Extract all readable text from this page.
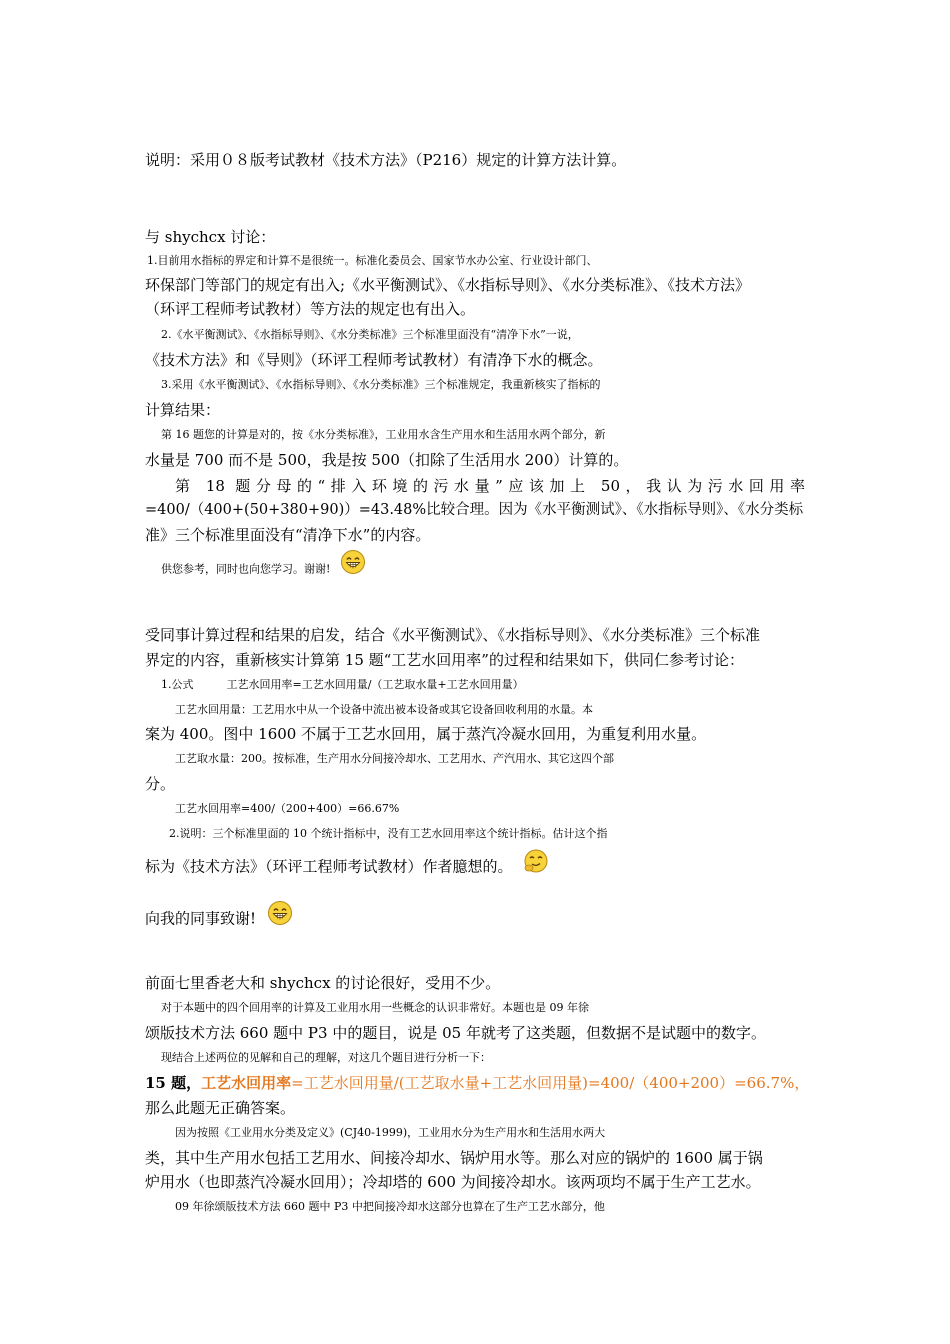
说明：采用０８版考试教材《技术方法》（P216）规定的计算方法计算。
与 shychcx 讨论：
1.目前用水指标的界定和计算不是很统一。标准化委员会、国家节水办公室、行业设计部门、
环保部门等部门的规定有出入;《水平衡测试》、《水指标导则》、《水分类标准》、《技术方法》
（环评工程师考试教材）等方法的规定也有出入。
2.《水平衡测试》、《水指标导则》、《水分类标准》三个标准里面没有“清净下水”一说，
《技术方法》和《导则》（环评工程师考试教材）有清净下水的概念。
3.采用《水平衡测试》、《水指标导则》、《水分类标准》三个标准规定，我重新核实了指标的
计算结果：
第 16 题您的计算是对的，按《水分类标准》，工业用水含生产用水和生活用水两个部分，新
水量是 700 而不是 500，我是按 500（扣除了生活用水 200）计算的。
第 18 题分母的“排入环境的污水量”应该加上 50，我认为污水回用率
=400/（400+(50+380+90)）=43.48%比较合理。因为《水平衡测试》、《水指标导则》、《水分类标
准》三个标准里面没有“清净下水”的内容。
供您参考，同时也向您学习。谢谢!
受同事计算过程和结果的启发，结合《水平衡测试》、《水指标导则》、《水分类标准》三个标准
界定的内容，重新核实计算第 15 题“工艺水回用率”的过程和结果如下，供同仁参考讨论：
1.公式　　　工艺水回用率=工艺水回用量/（工艺取水量+工艺水回用量）
工艺水回用量：工艺用水中从一个设备中流出被本设备或其它设备回收利用的水量。本
案为 400。图中 1600 不属于工艺水回用，属于蒸汽冷凝水回用，为重复利用水量。
工艺取水量：200。按标准，生产用水分间接冷却水、工艺用水、产汽用水、其它这四个部
分。
工艺水回用率=400/（200+400）=66.67%
2.说明：三个标准里面的 10 个统计指标中，没有工艺水回用率这个统计指标。估计这个指
标为《技术方法》（环评工程师考试教材）作者臆想的。
向我的同事致谢!
前面七里香老大和 shychcx 的讨论很好，受用不少。
对于本题中的四个回用率的计算及工业用水用一些概念的认识非常好。本题也是 09 年徐
颂版技术方法 660 题中 P3 中的题目，说是 05 年就考了这类题，但数据不是试题中的数字。
现结合上述两位的见解和自己的理解，对这几个题目进行分析一下：
15 题，工艺水回用率=工艺水回用量/(工艺取水量+工艺水回用量)=400/（400+200）=66.7%，
那么此题无正确答案。
因为按照《工业用水分类及定义》(CJ40-1999)，工业用水分为生产用水和生活用水两大
类，其中生产用水包括工艺用水、间接冷却水、锅炉用水等。那么对应的锅炉的 1600 属于锅
炉用水（也即蒸汽冷凝水回用）；冷却塔的 600 为间接冷却水。该两项均不属于生产工艺水。
09 年徐颂版技术方法 660 题中 P3 中把间接冷却水这部分也算在了生产工艺水部分，他
